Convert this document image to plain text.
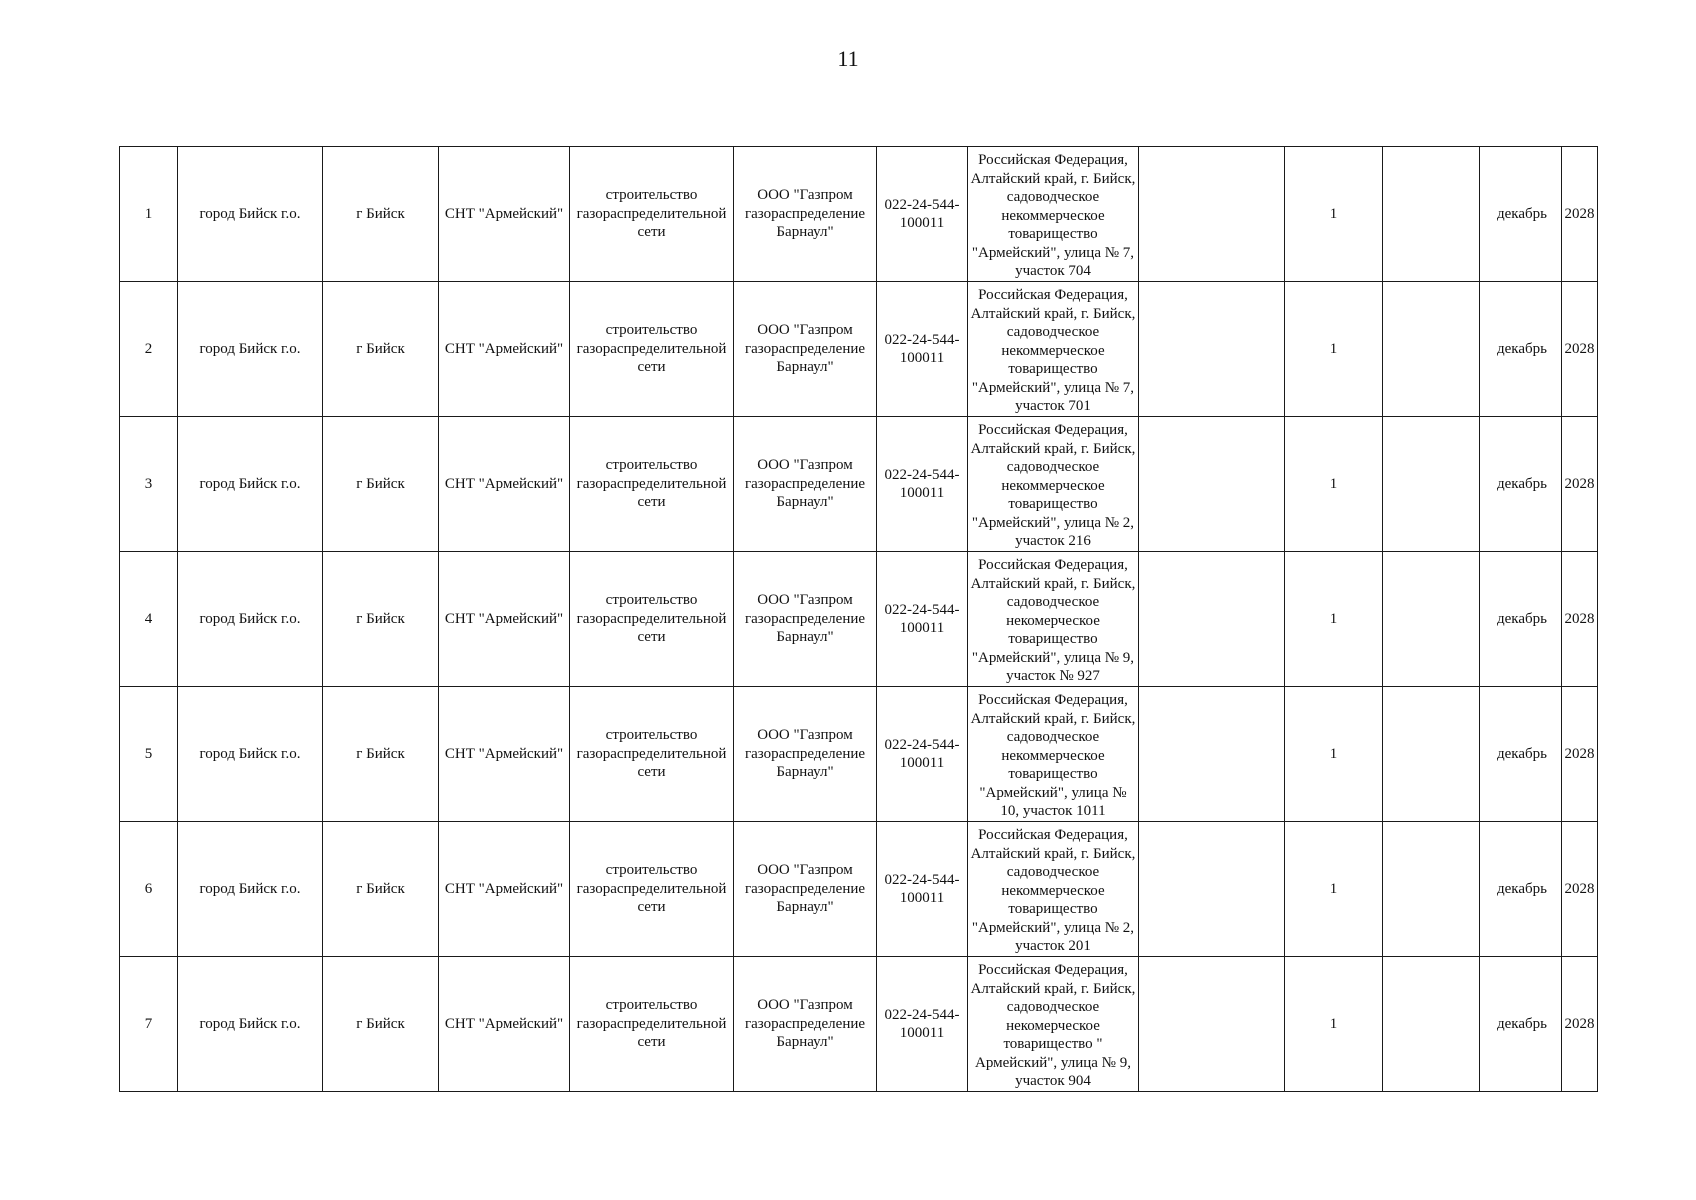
11
1	город Бийск г.о.	г Бийск	СНТ "Армейский"	строительство газораспределительной сети	ООО "Газпром газораспределение Барнаул"	022-24-544-100011	Российская Федерация, Алтайский край, г. Бийск, садоводческое некоммерческое товарищество "Армейский", улица № 7, участок 704		1		декабрь	2028
2	город Бийск г.о.	г Бийск	СНТ "Армейский"	строительство газораспределительной сети	ООО "Газпром газораспределение Барнаул"	022-24-544-100011	Российская Федерация, Алтайский край, г. Бийск, садоводческое некоммерческое товарищество "Армейский", улица № 7, участок 701		1		декабрь	2028
3	город Бийск г.о.	г Бийск	СНТ "Армейский"	строительство газораспределительной сети	ООО "Газпром газораспределение Барнаул"	022-24-544-100011	Российская Федерация, Алтайский край, г. Бийск, садоводческое некоммерческое товарищество "Армейский", улица № 2, участок 216		1		декабрь	2028
4	город Бийск г.о.	г Бийск	СНТ "Армейский"	строительство газораспределительной сети	ООО "Газпром газораспределение Барнаул"	022-24-544-100011	Российская Федерация, Алтайский край, г. Бийск, садоводческое некомерческое товарищество "Армейский", улица № 9, участок № 927		1		декабрь	2028
5	город Бийск г.о.	г Бийск	СНТ "Армейский"	строительство газораспределительной сети	ООО "Газпром газораспределение Барнаул"	022-24-544-100011	Российская Федерация, Алтайский край, г. Бийск, садоводческое некоммерческое товарищество "Армейский", улица № 10, участок 1011		1		декабрь	2028
6	город Бийск г.о.	г Бийск	СНТ "Армейский"	строительство газораспределительной сети	ООО "Газпром газораспределение Барнаул"	022-24-544-100011	Российская Федерация, Алтайский край, г. Бийск, садоводческое некоммерческое товарищество "Армейский", улица № 2, участок 201		1		декабрь	2028
7	город Бийск г.о.	г Бийск	СНТ "Армейский"	строительство газораспределительной сети	ООО "Газпром газораспределение Барнаул"	022-24-544-100011	Российская Федерация, Алтайский край, г. Бийск, садоводческое некомерческое товарищество " Армейский", улица № 9, участок 904		1		декабрь	2028
